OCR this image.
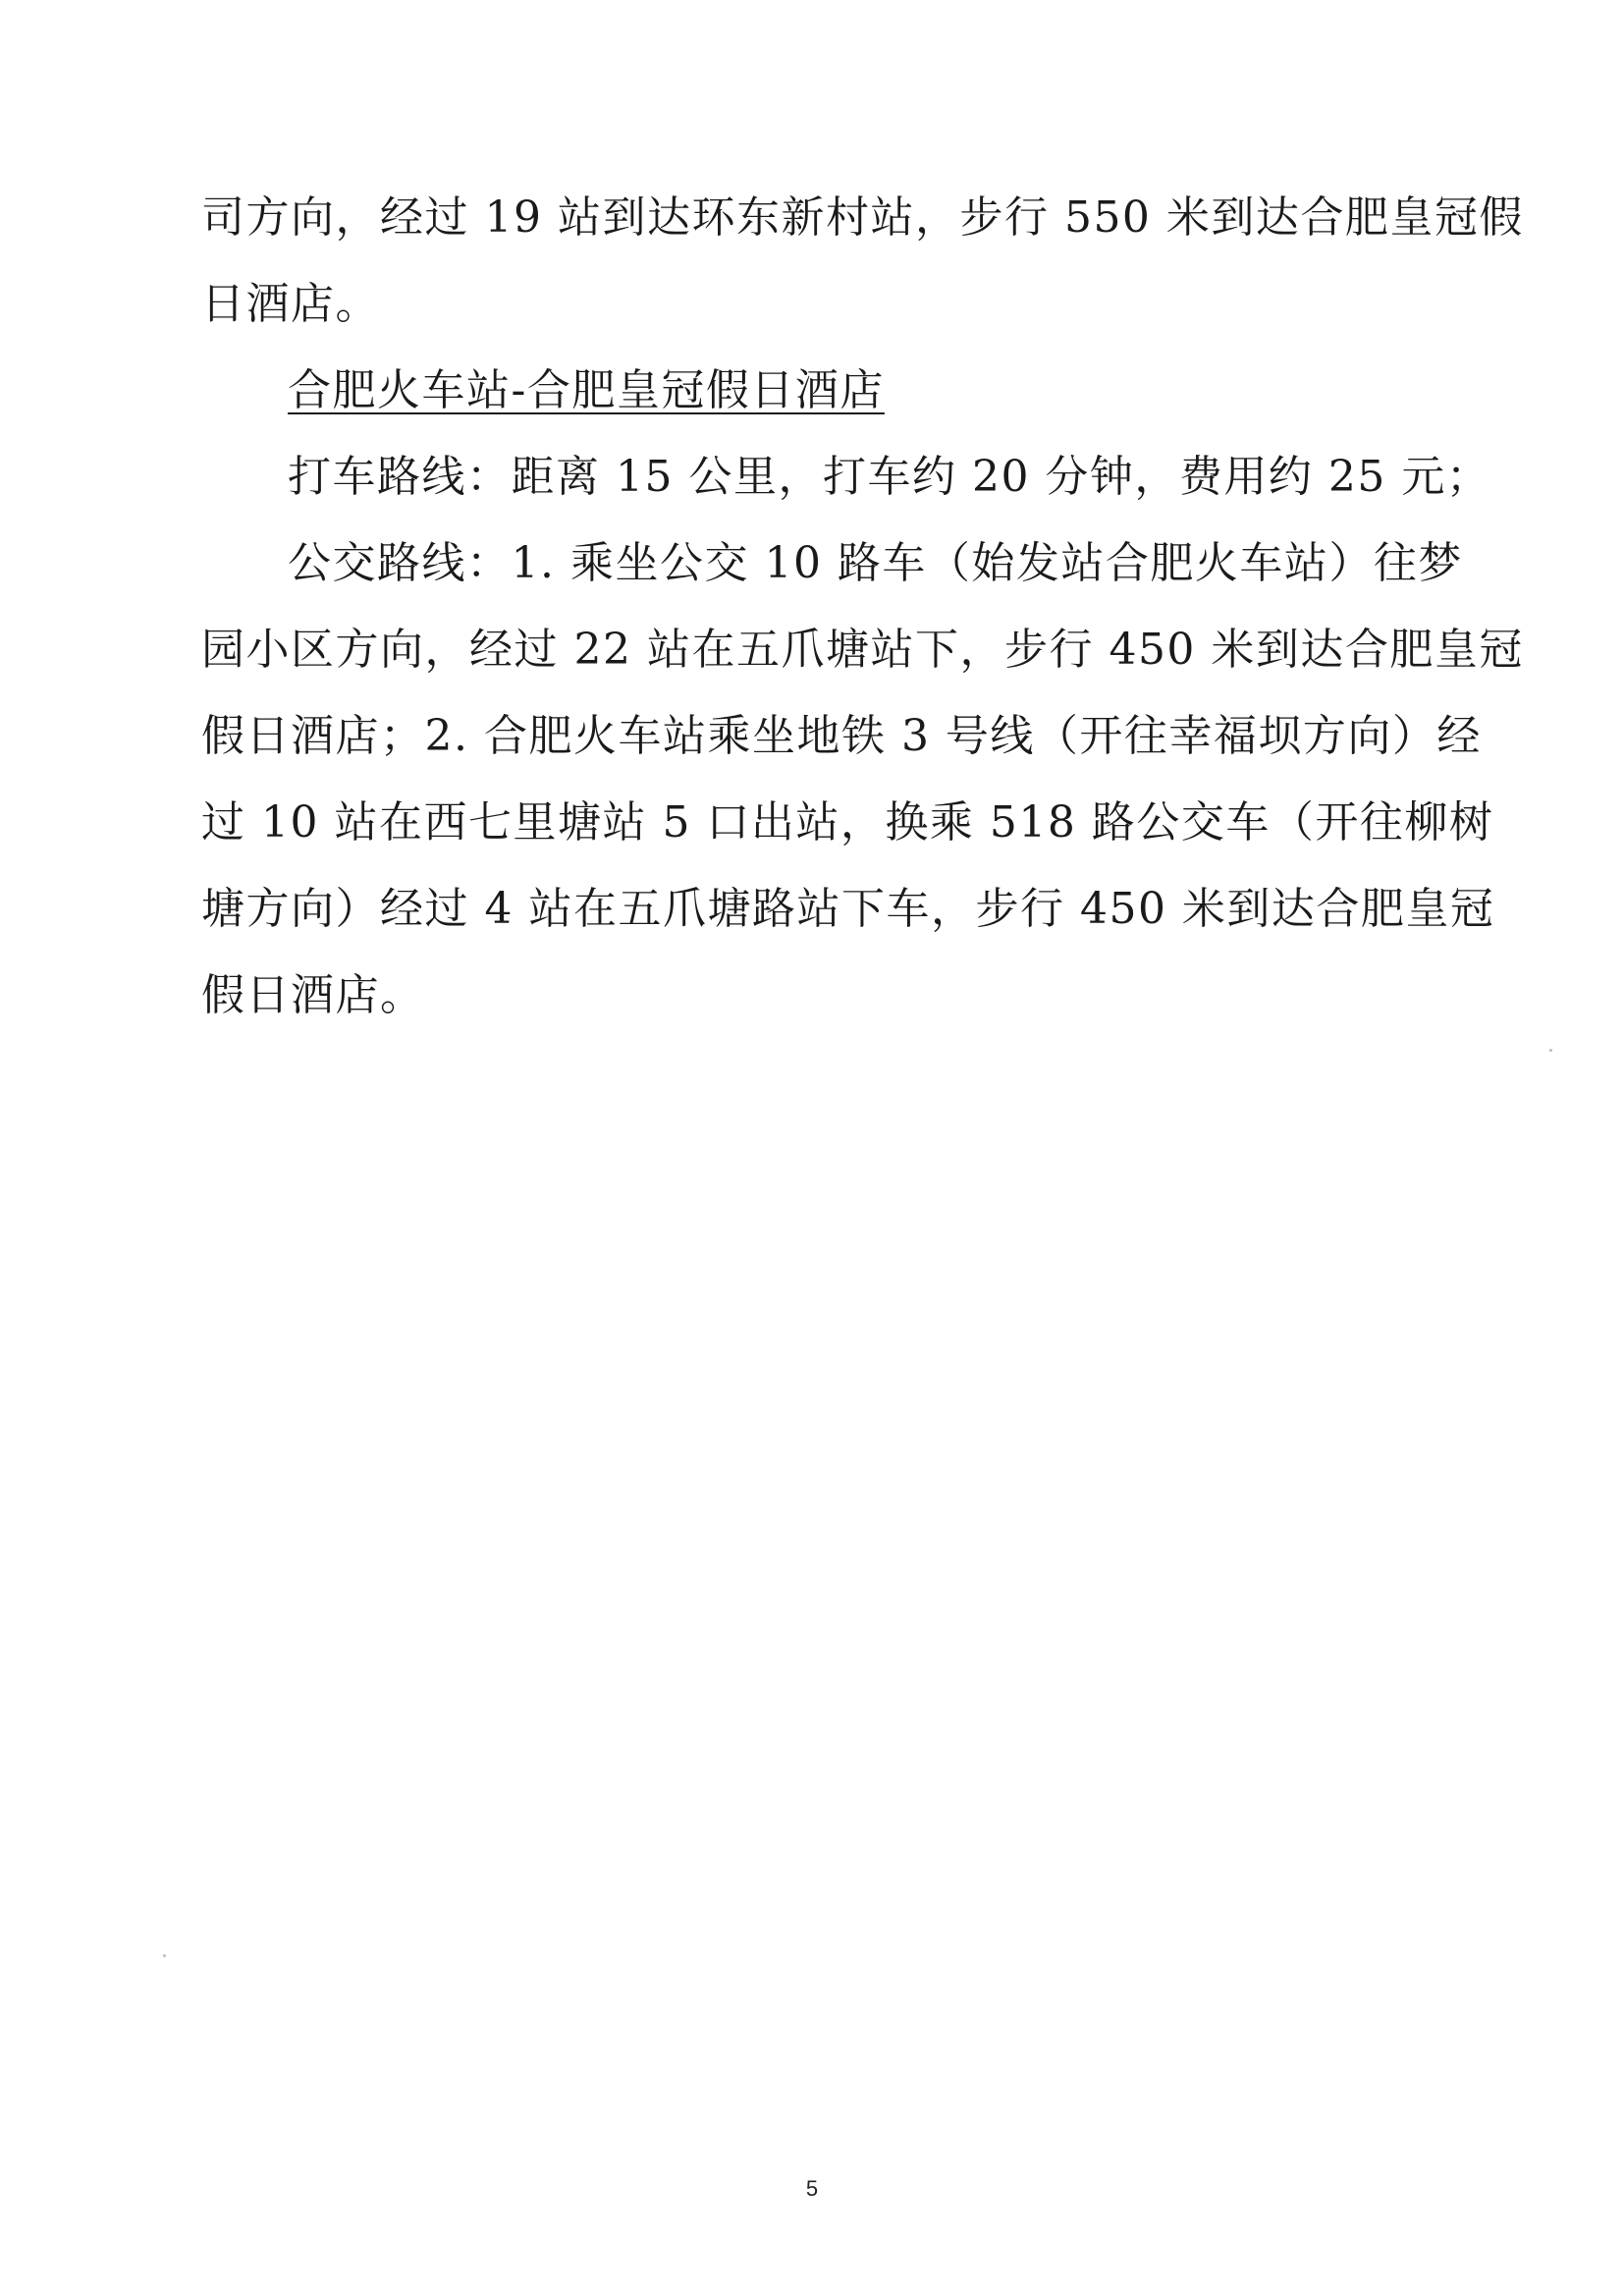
司方向，经过 19 站到达环东新村站，步行 550 米到达合肥皇冠假
日酒店。
合肥火车站-合肥皇冠假日酒店
打车路线：距离 15 公里，打车约 20 分钟，费用约 25 元；
公交路线：1. 乘坐公交 10 路车（始发站合肥火车站）往梦
园小区方向，经过 22 站在五爪塘站下，步行 450 米到达合肥皇冠
假日酒店；2. 合肥火车站乘坐地铁 3 号线（开往幸福坝方向）经
过 10 站在西七里塘站 5 口出站，换乘 518 路公交车（开往柳树
塘方向）经过 4 站在五爪塘路站下车，步行 450 米到达合肥皇冠
假日酒店。
5
